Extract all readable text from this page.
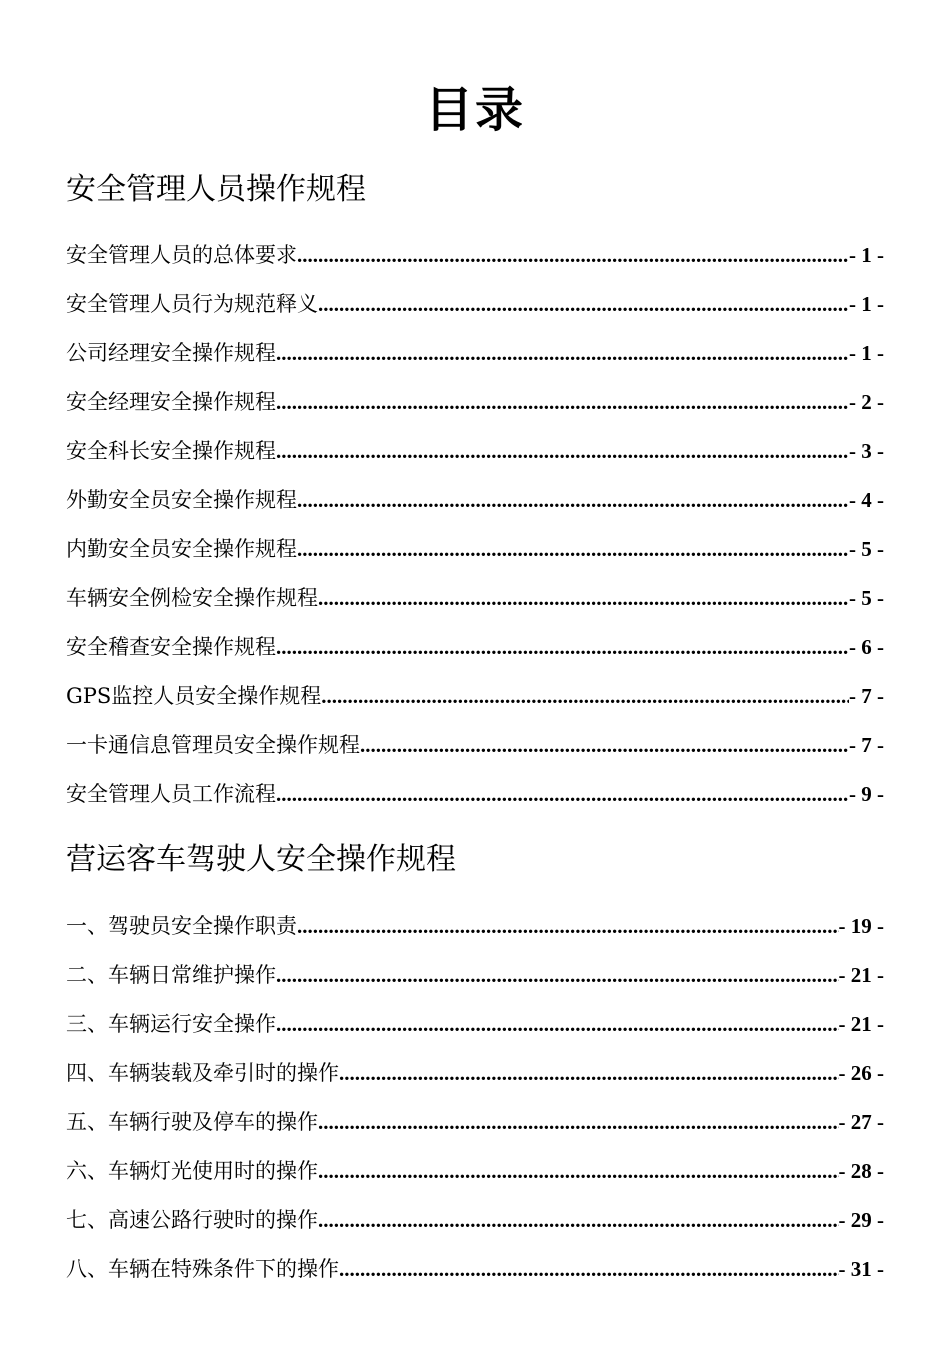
目录
安全管理人员操作规程
安全管理人员的总体要求 .....	- 1 -
安全管理人员行为规范释义 .....	- 1 -
公司经理安全操作规程 .....	- 1 -
安全经理安全操作规程 .....	- 2 -
安全科长安全操作规程 .....	- 3 -
外勤安全员安全操作规程 .....	- 4 -
内勤安全员安全操作规程 .....	- 5 -
车辆安全例检安全操作规程 .....	- 5 -
安全稽查安全操作规程 .....	- 6 -
GPS监控人员安全操作规程 .....	- 7 -
一卡通信息管理员安全操作规程 .....	- 7 -
安全管理人员工作流程 .....	- 9 -
营运客车驾驶人安全操作规程
一、驾驶员安全操作职责 .....	- 19 -
二、车辆日常维护操作 .....	- 21 -
三、车辆运行安全操作 .....	- 21 -
四、车辆装载及牵引时的操作 .....	- 26 -
五、车辆行驶及停车的操作 .....	- 27 -
六、车辆灯光使用时的操作 .....	- 28 -
七、高速公路行驶时的操作 .....	- 29 -
八、车辆在特殊条件下的操作 .....	- 31 -
